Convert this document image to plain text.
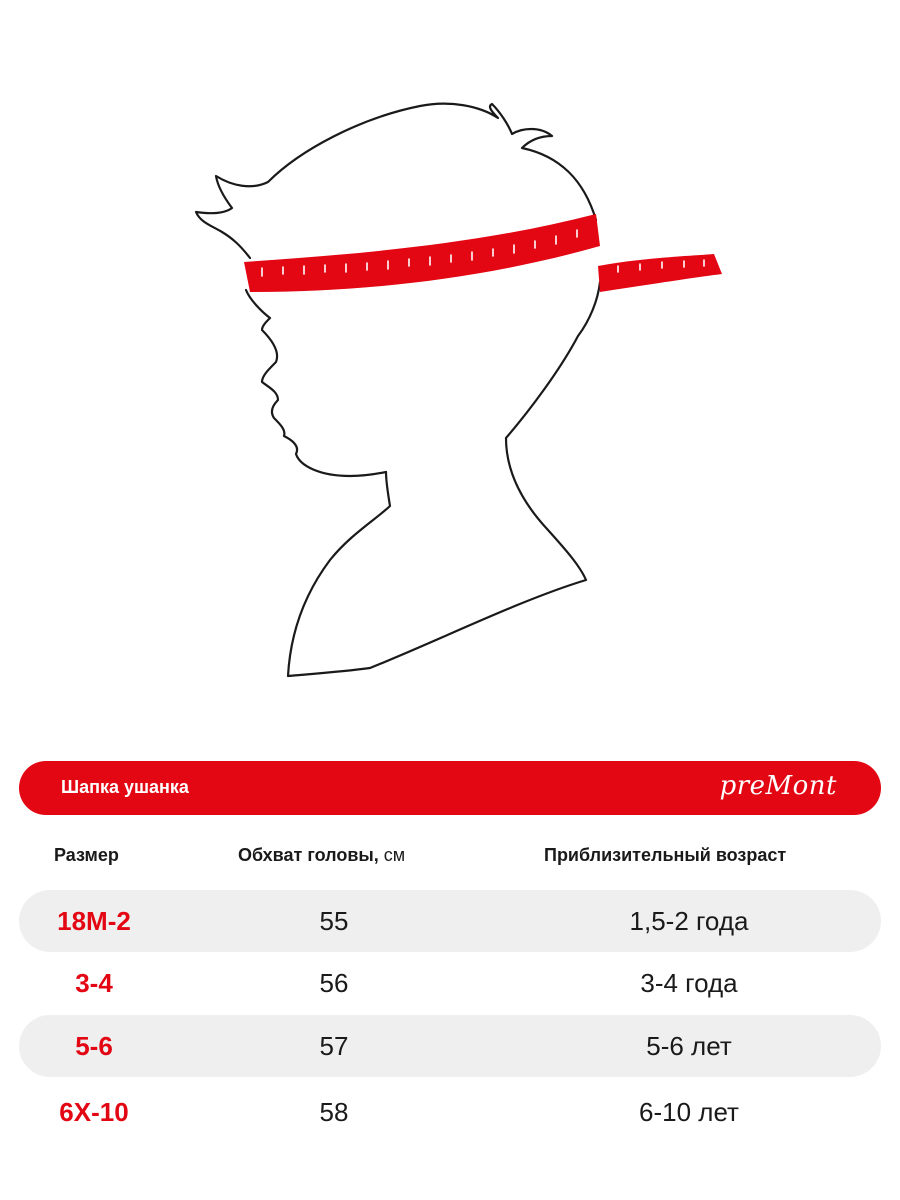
Шапка ушанка	preMont
Размер	Обхват головы, см	Приблизительный возраст
18M-2	55	1,5-2 года
3-4	56	3-4 года
5-6	57	5-6 лет
6X-10	58	6-10 лет
